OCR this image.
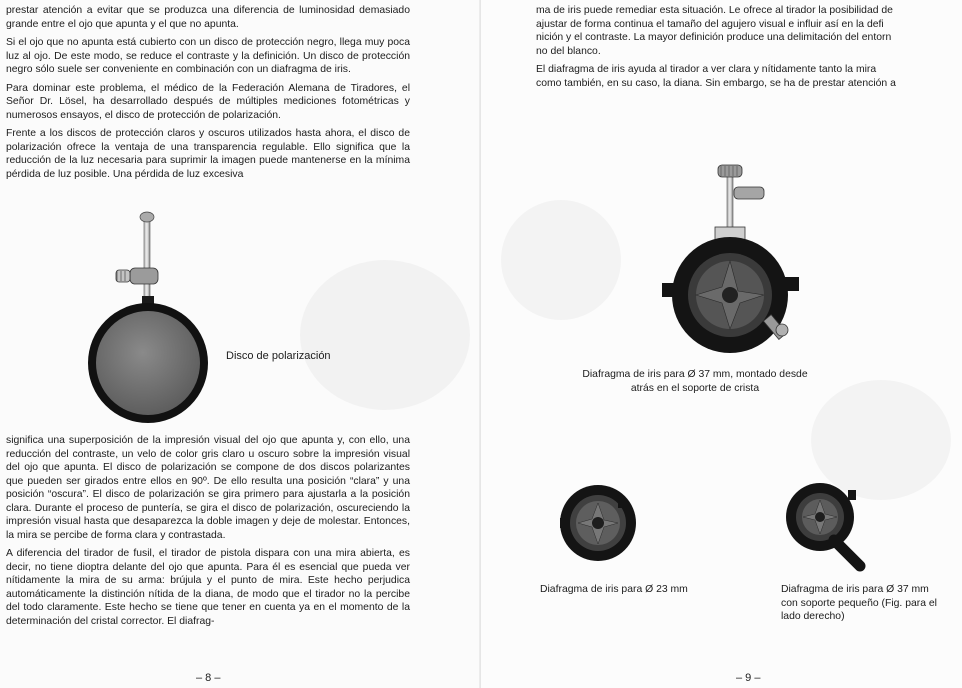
prestar atención a evitar que se produzca una diferencia de luminosidad demasiado grande entre el ojo que apunta y el que no apunta.

Si el ojo que no apunta está cubierto con un disco de protección negro, llega muy poca luz al ojo. De este modo, se reduce el contraste y la definición. Un disco de protección negro sólo suele ser conveniente en combinación con un diafragma de iris.

Para dominar este problema, el médico de la Federación Alemana de Tiradores, el Señor Dr. Lösel, ha desarrollado después de múltiples mediciones fotométricas y numerosos ensayos, el disco de protección de polarización.

Frente a los discos de protección claros y oscuros utilizados hasta ahora, el disco de polarización ofrece la ventaja de una transparencia regulable. Ello significa que la reducción de la luz necesaria para suprimir la imagen puede mantenerse en la mínima pérdida de luz posible. Una pérdida de luz excesiva

Disco de polarización

significa una superposición de la impresión visual del ojo que apunta y, con ello, una reducción del contraste, un velo de color gris claro u oscuro sobre la impresión visual del ojo que apunta. El disco de polarización se compone de dos discos polarizantes que pueden ser girados entre ellos en 90º. De ello resulta una posición “clara” y una posición “oscura”. El disco de polarización se gira primero para ajustarla a la posición clara. Durante el proceso de puntería, se gira el disco de polarización, oscureciendo la impresión visual hasta que desaparezca la doble imagen y deje de molestar. Entonces, la mira se percibe de forma clara y contrastada.

A diferencia del tirador de fusil, el tirador de pistola dispara con una mira abierta, es decir, no tiene dioptra delante del ojo que apunta. Para él es esencial que pueda ver nítidamente la mira de su arma: brújula y el punto de mira. Este hecho perjudica automáticamente la distinción nítida de la diana, de modo que el tirador no la percibe del todo claramente. Este hecho se tiene que tener en cuenta ya en el momento de la determinación del cristal corrector. El diafrag-

– 8 –

ma de iris puede remediar esta situación. Le ofrece al tirador la posibilidad de
ajustar de forma continua el tamaño del agujero visual e influir así en la defi
nición y el contraste. La mayor definición produce una delimitación del entorn
no del blanco.

El diafragma de iris ayuda al tirador a ver clara y nítidamente tanto la mira
como también, en su caso, la diana. Sin embargo, se ha de prestar atención a

Diafragma de iris para Ø 37 mm, montado desde
atrás en el soporte de crista
Diafragma de iris para Ø 23 mm	Diafragma de iris para Ø 37 mm
con soporte pequeño (Fig. para el
lado derecho)
– 9 –
